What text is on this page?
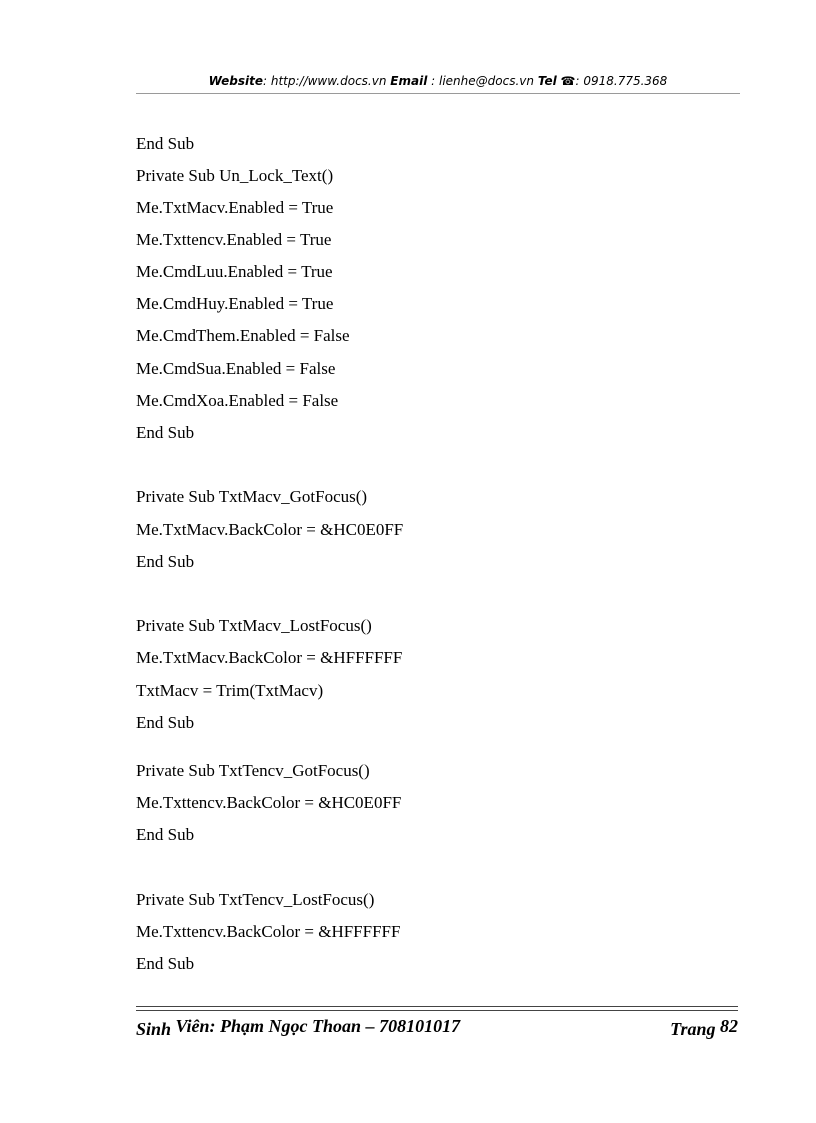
Website: http://www.docs.vn Email : lienhe@docs.vn Tel ☎: 0918.775.368
End Sub
Private Sub Un_Lock_Text()
Me.TxtMacv.Enabled = True
Me.Txttencv.Enabled = True
Me.CmdLuu.Enabled = True
Me.CmdHuy.Enabled = True
Me.CmdThem.Enabled = False
Me.CmdSua.Enabled = False
Me.CmdXoa.Enabled = False
End Sub
Private Sub TxtMacv_GotFocus()
Me.TxtMacv.BackColor = &HC0E0FF
End Sub
Private Sub TxtMacv_LostFocus()
Me.TxtMacv.BackColor = &HFFFFFF
TxtMacv = Trim(TxtMacv)
End Sub
Private Sub TxtTencv_GotFocus()
Me.Txttencv.BackColor = &HC0E0FF
End Sub
Private Sub TxtTencv_LostFocus()
Me.Txttencv.BackColor = &HFFFFFF
End Sub
Sinh Viên: Phạm Ngọc Thoan – 708101017	Trang 82
